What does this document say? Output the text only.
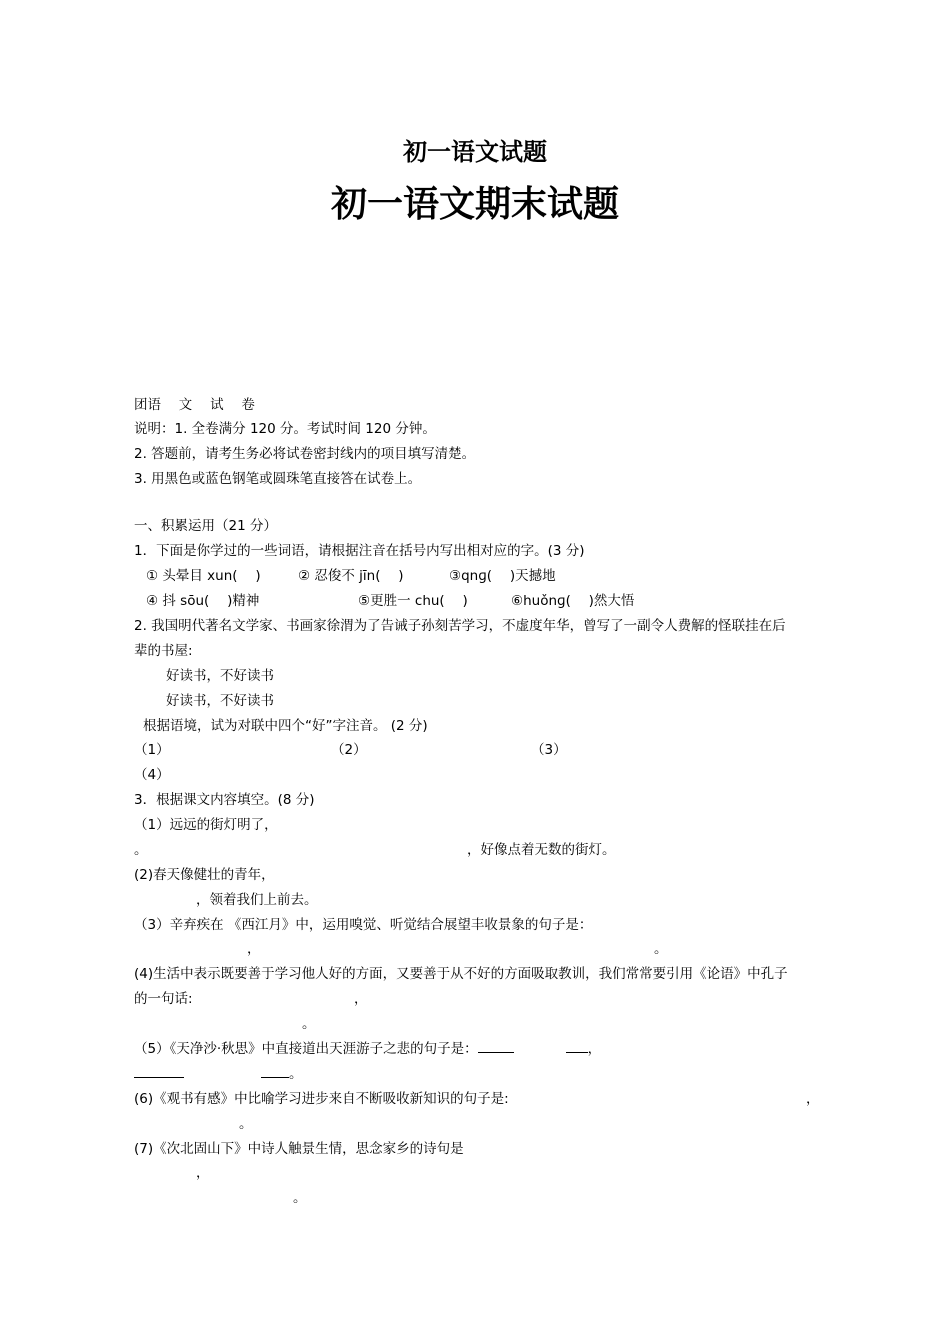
初一语文试题
初一语文期末试题
团语　 文　 试　 卷
说明：1. 全卷满分 120 分。考试时间 120 分钟。
2. 答题前，请考生务必将试卷密封线内的项目填写清楚。
3. 用黑色或蓝色钢笔或圆珠笔直接答在试卷上。
一、积累运用（21 分）
1．下面是你学过的一些词语，请根据注音在括号内写出相对应的字。(3 分)
① 头晕目 xun(　 )	② 忍俊不 jīn(　 )	③qnɡ(　 )天撼地
④ 抖 sōu(　 )精神	⑤更胜一 chu(　 )	⑥huǒnɡ(　 )然大悟
2. 我国明代著名文学家、书画家徐渭为了告诫子孙刻苦学习，不虚度年华，曾写了一副令人费解的怪联挂在后
辈的书屋:
好读书，不好读书
好读书，不好读书
根据语境，试为对联中四个“好”字注音。 (2 分)
（1）	（2）	（3）
（4）
3．根据课文内容填空。(8 分)
（1）远远的街灯明了，
。	，好像点着无数的街灯。
(2)春天像健壮的青年，
，领着我们上前去。
（3）辛弃疾在 《西江月》中，运用嗅觉、听觉结合展望丰收景象的句子是：
，	。
(4)生活中表示既要善于学习他人好的方面，又要善于从不好的方面吸取教训，我们常常要引用《论语》中孔子
的一句话:	，
。
（5）《天净沙·秋思》中直接道出天涯游子之悲的句子是：	，
。
(6)《观书有感》中比喻学习进步来自不断吸收新知识的句子是:	，
。
(7)《次北固山下》中诗人触景生情，思念家乡的诗句是
，
。
